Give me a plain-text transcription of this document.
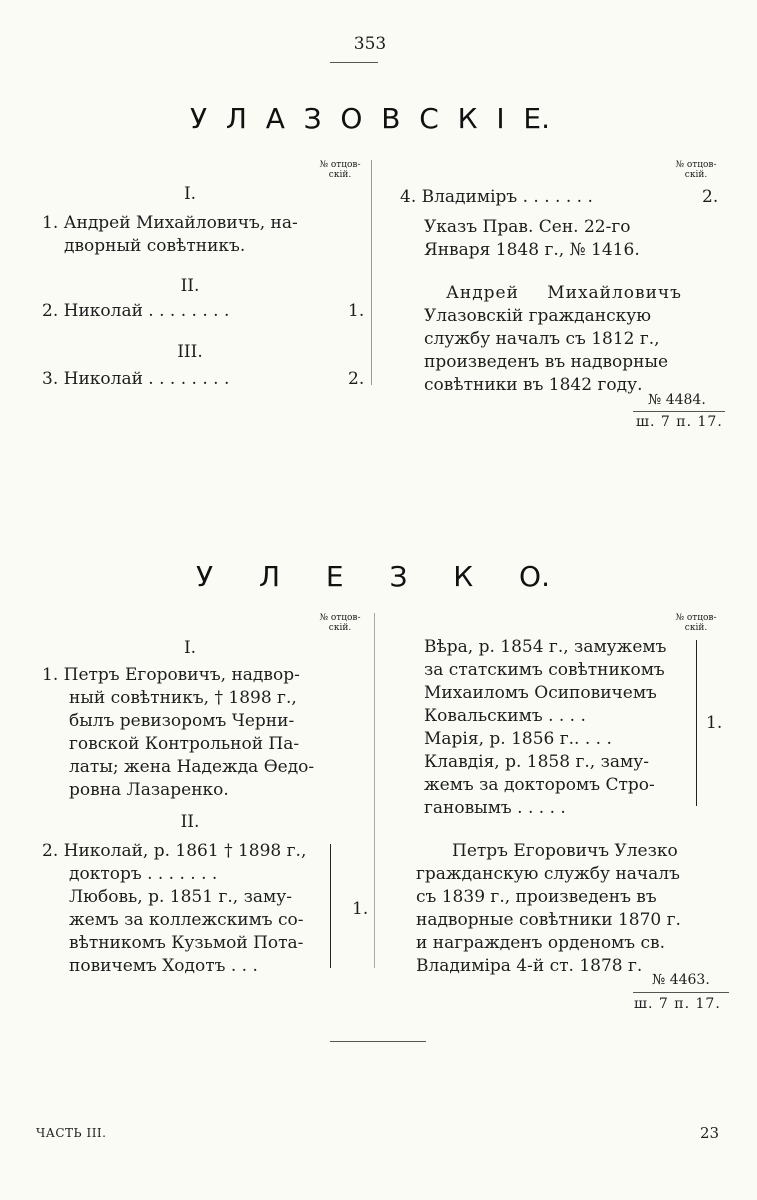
353
У Л А З О В С К I Е.
№ отцов-
скій.
I.

1. Андрей Михайловичъ, на-

дворный совѣтникъ.

II.
2. Николай . . . . . . . .	1.
III.
3. Николай . . . . . . . .	2.
№ отцов-
скій.
4. Владиміръ . . . . . . .	2.

Указъ Прав. Сен. 22-го

Января 1848 г., № 1416.

Андрей Михайловичъ

Улазовскій гражданскую

службу началъ съ 1812 г.,

произведенъ въ надворные

совѣтники въ 1842 году.

№ 4484.
ш. 7 п. 17.
У Л Е З К О.
№ отцов-
скій.
I.

1. Петръ Егоровичъ, надвор-

ный совѣтникъ, † 1898 г.,

былъ ревизоромъ Черни-

говской Контрольной Па-

латы; жена Надежда Ѳедо-

ровна Лазаренко.

II.

2. Николай, р. 1861 † 1898 г.,

докторъ . . . . . . .

Любовь, р. 1851 г., заму-

жемъ за коллежскимъ со-

вѣтникомъ Кузьмой Пота-

повичемъ Ходотъ . . .

1.
№ отцов-
скій.

Вѣра, р. 1854 г., замужемъ

за статскимъ совѣтникомъ

Михаиломъ Осиповичемъ

Ковальскимъ . . . .

Марія, р. 1856 г.. . . .

Клавдія, р. 1858 г., заму-

жемъ за докторомъ Стро-

гановымъ . . . . .

1.

Петръ Егоровичъ Улезко

гражданскую службу началъ

съ 1839 г., произведенъ въ

надворные совѣтники 1870 г.

и награжденъ орденомъ св.

Владиміра 4-й ст. 1878 г.

№ 4463.
ш. 7 п. 17.
ЧАСТЬ III.	23
